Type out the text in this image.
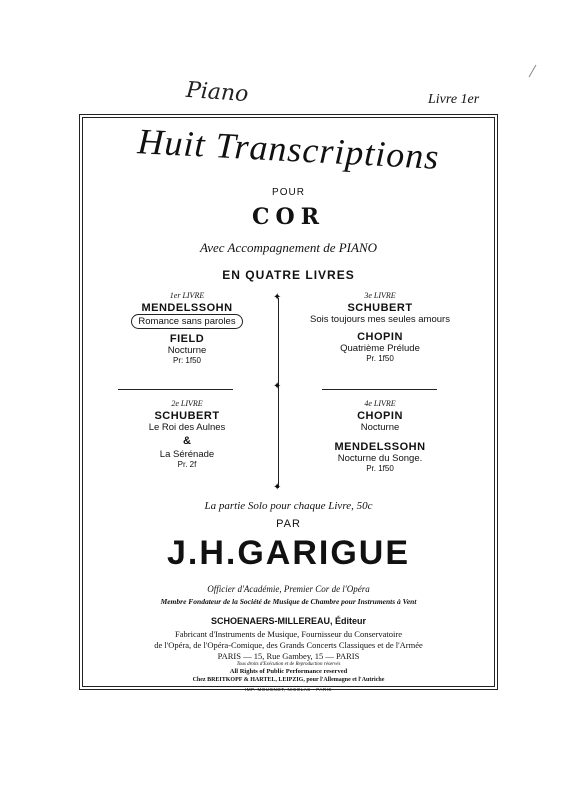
Piano	Livre 1er
Huit Transcriptions
POUR
COR
Avec Accompagnement de PIANO
EN QUATRE LIVRES
1er LIVRE
MENDELSSOHN
Romance sans paroles
FIELD
Nocturne
Pr: 1f50
3e LIVRE
SCHUBERT
Sois toujours mes seules amours
CHOPIN
Quatrième Prélude
Pr. 1f50
2e LIVRE
SCHUBERT
Le Roi des Aulnes
&
La Sérénade
Pr. 2f
4e LIVRE
CHOPIN
Nocturne
MENDELSSOHN
Nocturne du Songe.
Pr. 1f50
✦
✦
✦
La partie Solo pour chaque Livre, 50c
PAR
J.H.GARIGUE
Officier d'Académie, Premier Cor de l'Opéra
Membre Fondateur de la Société de Musique de Chambre pour Instruments à Vent
SCHOENAERS-MILLEREAU, Éditeur
Fabricant d'Instruments de Musique, Fournisseur du Conservatoire
de l'Opéra, de l'Opéra-Comique, des Grands Concerts Classiques et de l'Armée
PARIS — 15, Rue Gambey, 15 — PARIS
Tous droits d'Exécution et de Reproduction réservés
All Rights of Public Performance reserved
Chez BREITKOPF & HARTEL, LEIPZIG, pour l'Allemagne et l'Autriche
IMP. MOUGNOT, NICOLAS - PARIS
